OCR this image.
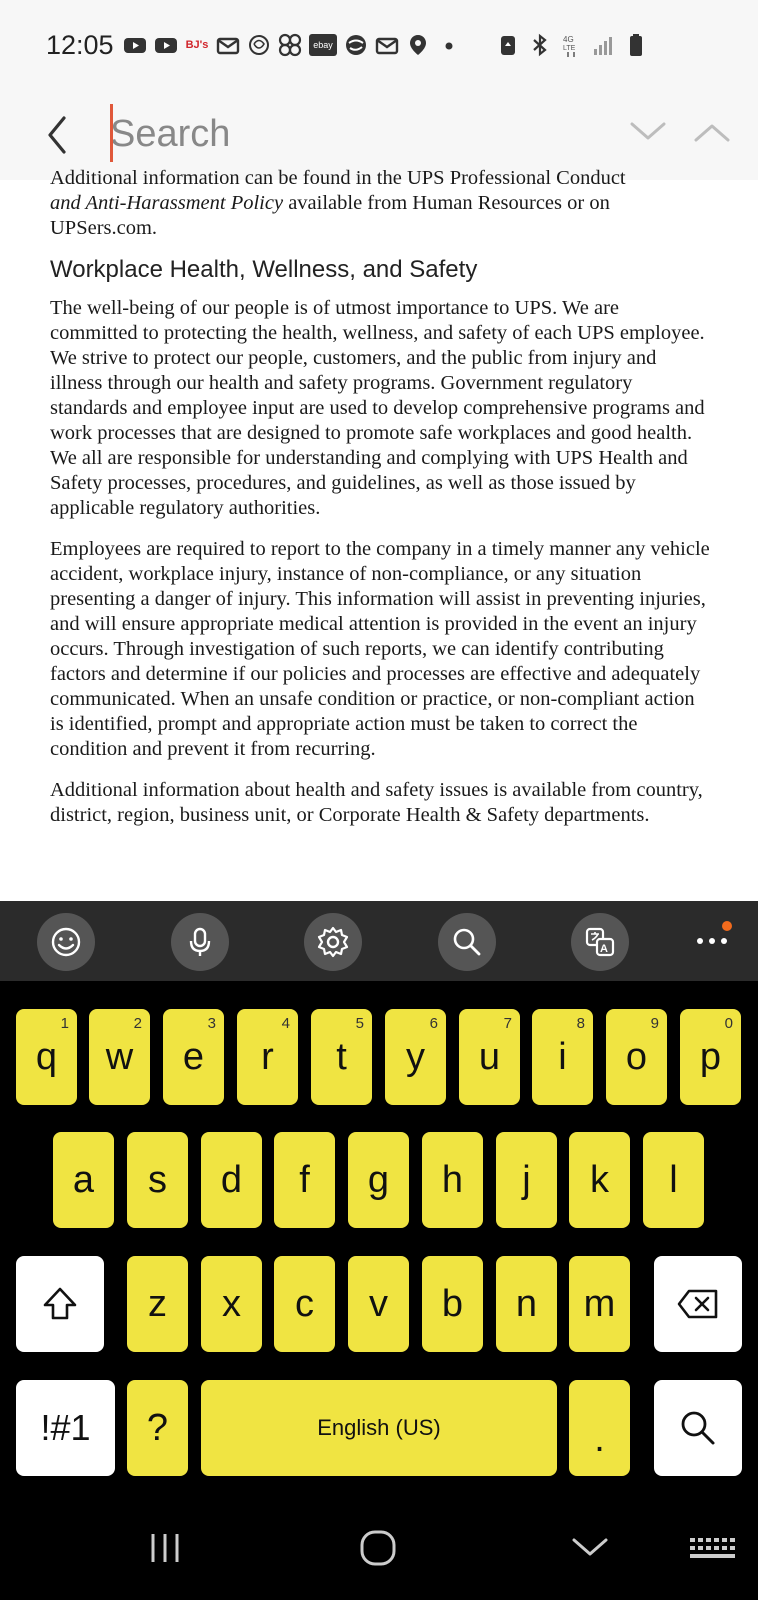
12:05	BJ's	ebay
4G
LTE
Search

Additional information can be found in the UPS Professional Conduct
and Anti-Harassment Policy available from Human Resources or on UPSers.com.

Workplace Health, Wellness, and Safety

The well-being of our people is of utmost importance to UPS. We are committed to protecting the health, wellness, and safety of each UPS employee. We strive to protect our people, customers, and the public from injury and illness through our health and safety programs. Government regulatory standards and employee input are used to develop comprehensive programs and work processes that are designed to promote safe workplaces and good health. We all are responsible for understanding and complying with UPS Health and Safety processes, procedures, and guidelines, as well as those issued by applicable regulatory authorities.

Employees are required to report to the company in a timely manner any vehicle accident, workplace injury, instance of non-compliance, or any situation presenting a danger of injury. This information will assist in preventing injuries, and will ensure appropriate medical attention is provided in the event an injury occurs. Through investigation of such reports, we can identify contributing factors and determine if our policies and processes are effective and adequately communicated. When an unsafe condition or practice, or non-compliant action is identified, prompt and appropriate action must be taken to correct the condition and prevent it from recurring.

Additional information about health and safety issues is available from country, district, region, business unit, or Corporate Health & Safety departments.

A
1
q
2
w
3
e
4
r
5
t
6
y
7
u
8
i
9
o
0
p
a s d f g h j k l
z x c v b n m
!#1 ?	English (US)	.
